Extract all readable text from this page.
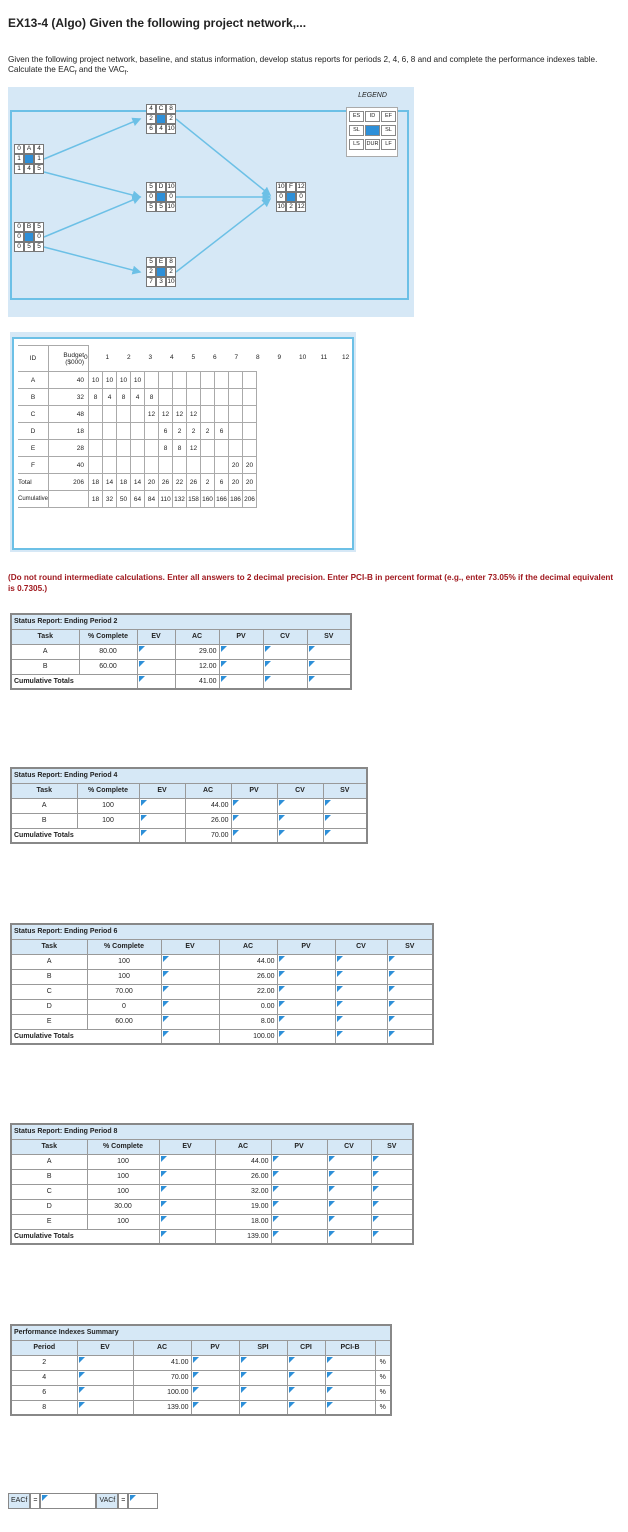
EX13-4 (Algo) Given the following project network,...

Given the following project network, baseline, and status information, develop status reports for periods 2, 4, 6, 8 and and complete the performance indexes table. Calculate the $EAC_f$ and the $VAC_f$.

0 A 4
1	1
1 4 5
0 B 5
0	0
0 5 5
4 C 8
2	2
6 4 10
5 D 10
0	0
5 5 10
5 E 8
2	2
7 3 10
10 F 12
0	0
10 2 12
LEGEND
ES	ID	EF
SL	SL
LS	DUR	LF
ID	Budget ($000)												
A	40	10	10	10	10								
B	32	8	4	8	4	8							
C	48					12	12	12	12				
D	18						6	2	2	2	6		
E	28						8	8	12				
F	40											20	20
Total	206	18	14	18	14	20	26	22	26	2	6	20	20
Cumulative		18	32	50	64	84	110	132	158	160	166	186	206
0	1	2	3	4	5	6	7	8	9	10 11 12

(Do not round intermediate calculations. Enter all answers to 2 decimal precision. Enter PCI-B in percent format (e.g., enter 73.05% if the decimal equivalent is 0.7305.)

Status Report: Ending Period 2						
Task	% Complete	EV	AC	PV	CV	SV
A	80.00		29.00	

B	60.00		12.00	

Cumulative Totals			41.00	

Status Report: Ending Period 4						
Task	% Complete	EV	AC	PV	CV	SV
A	100		44.00	

B	100		26.00	

Cumulative Totals			70.00	

Status Report: Ending Period 6						
Task	% Complete	EV	AC	PV	CV	SV
A	100		44.00	

B	100		26.00	

C	70.00		22.00	

D	0		0.00	

E	60.00		8.00	

Cumulative Totals			100.00	

Status Report: Ending Period 8						
Task	% Complete	EV	AC	PV	CV	SV
A	100		44.00	

B	100		26.00	

C	100		32.00	

D	30.00		19.00	

E	100		18.00	

Cumulative Totals			139.00	

Performance Indexes Summary							
Period	EV	AC	PV	SPI	CPI	PCI-B	
2		41.00					%
4		70.00					%
6		100.00					%
8		139.00					%
EACf =	VACf =
